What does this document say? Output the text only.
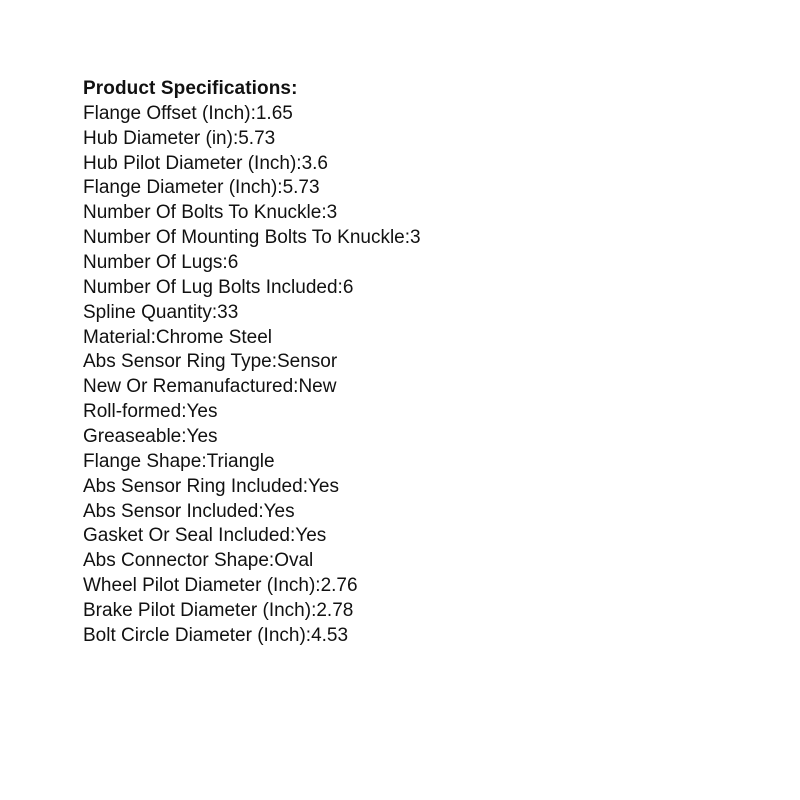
Product Specifications:
Flange Offset (Inch):1.65
Hub Diameter (in):5.73
Hub Pilot Diameter (Inch):3.6
Flange Diameter (Inch):5.73
Number Of Bolts To Knuckle:3
Number Of Mounting Bolts To Knuckle:3
Number Of Lugs:6
Number Of Lug Bolts Included:6
Spline Quantity:33
Material:Chrome Steel
Abs Sensor Ring Type:Sensor
New Or Remanufactured:New
Roll-formed:Yes
Greaseable:Yes
Flange Shape:Triangle
Abs Sensor Ring Included:Yes
Abs Sensor Included:Yes
Gasket Or Seal Included:Yes
Abs Connector Shape:Oval
Wheel Pilot Diameter (Inch):2.76
Brake Pilot Diameter (Inch):2.78
Bolt Circle Diameter (Inch):4.53
